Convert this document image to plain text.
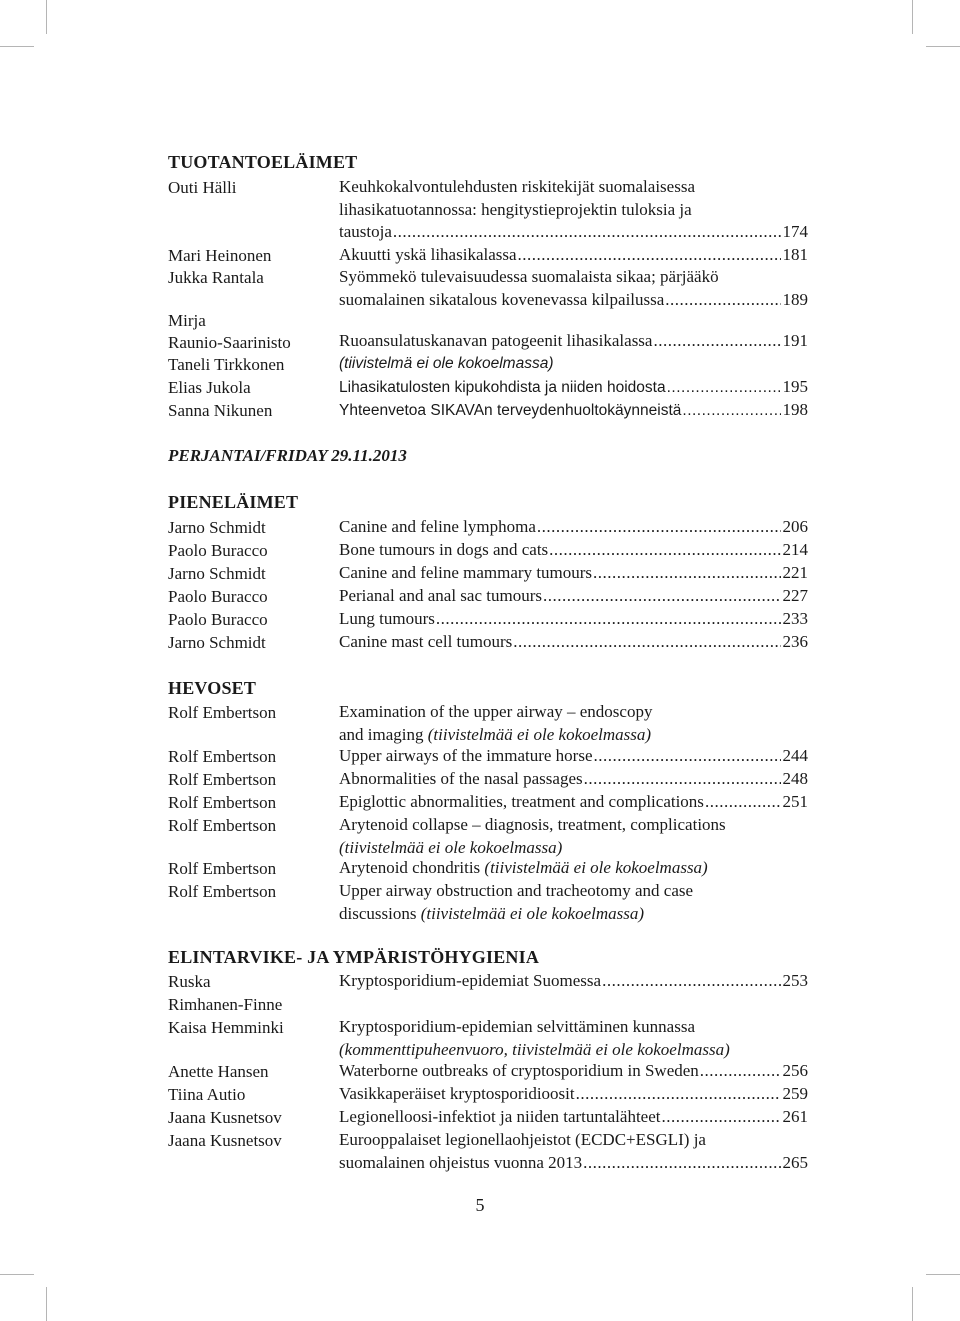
TUOTANTOELÄIMET
Outi Hälli	Keuhkokalvontulehdusten riskitekijät suomalaisessa
lihasikatuotannossa: hengitystieprojektin tuloksia ja
taustoja .....	174
Mari Heinonen	Akuutti yskä lihasikalassa .....	181
Jukka Rantala	Syömmekö tulevaisuudessa suomalaista sikaa; pärjääkö
suomalainen sikatalous kovenevassa kilpailussa .....	189
Mirja
Raunio-Saarinisto	Ruoansulatuskanavan patogeenit lihasikalassa .....	191
Taneli Tirkkonen	(tiivistelmä ei ole kokoelmassa)
Elias Jukola	Lihasikatulosten kipukohdista ja niiden hoidosta .....	195
Sanna Nikunen	Yhteenvetoa SIKAVAn terveydenhuoltokäynneistä .....	198
PERJANTAI/FRIDAY 29.11.2013
PIENELÄIMET
Jarno Schmidt	Canine and feline lymphoma .....	206
Paolo Buracco	Bone tumours in dogs and cats .....	214
Jarno Schmidt	Canine and feline mammary tumours .....	221
Paolo Buracco	Perianal and anal sac tumours .....	227
Paolo Buracco	Lung tumours .....	233
Jarno Schmidt	Canine mast cell tumours .....	236
HEVOSET
Rolf Embertson	Examination of the upper airway – endoscopy
and imaging (tiivistelmää ei ole kokoelmassa)
Rolf Embertson	Upper airways of the immature horse .....	244
Rolf Embertson	Abnormalities of the nasal passages .....	248
Rolf Embertson	Epiglottic abnormalities, treatment and complications .....	251
Rolf Embertson	Arytenoid collapse – diagnosis, treatment, complications
(tiivistelmää ei ole kokoelmassa)
Rolf Embertson	Arytenoid chondritis (tiivistelmää ei ole kokoelmassa)
Rolf Embertson	Upper airway obstruction and tracheotomy and case
discussions (tiivistelmää ei ole kokoelmassa)
ELINTARVIKE- JA YMPÄRISTÖHYGIENIA
Ruska
Rimhanen-Finne
Kryptosporidium-epidemiat Suomessa .....	253
Kaisa Hemminki	Kryptosporidium-epidemian selvittäminen kunnassa
(kommenttipuheenvuoro, tiivistelmää ei ole kokoelmassa)
Anette Hansen	Waterborne outbreaks of cryptosporidium in Sweden .....	256
Tiina Autio	Vasikkaperäiset kryptosporidioosit .....	259
Jaana Kusnetsov	Legionelloosi-infektiot ja niiden tartuntalähteet .....	261
Jaana Kusnetsov	Eurooppalaiset legionellaohjeistot (ECDC+ESGLI) ja
suomalainen ohjeistus vuonna 2013 .....	265
5
